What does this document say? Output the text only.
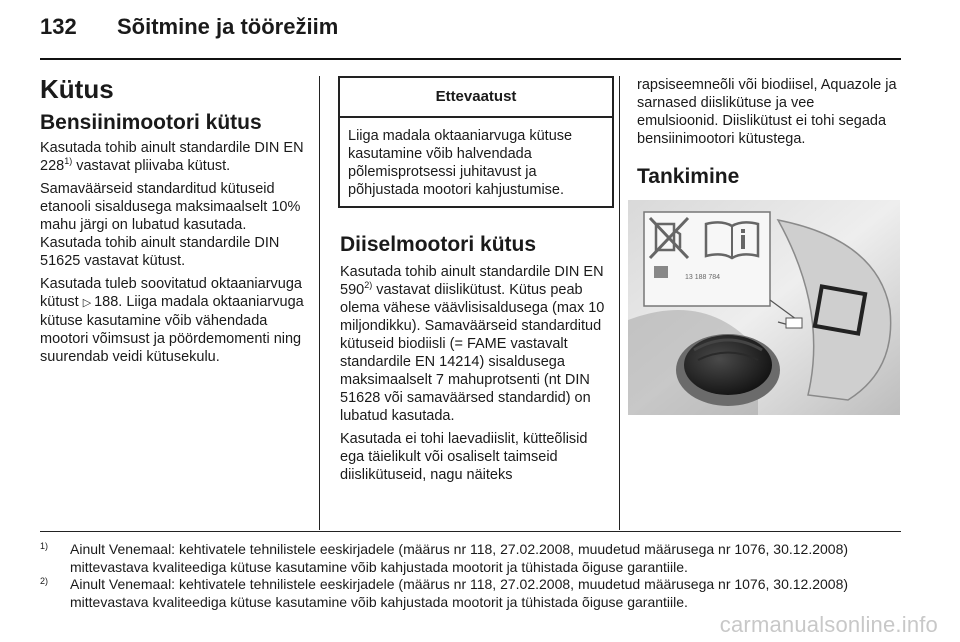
132 Sõitmine ja töörežiim
Kütus
Bensiinimootori kütus

Kasutada tohib ainult standardile DIN EN 228$^{1)}$ vastavat pliivaba kütust.

Samaväärseid standarditud kütuseid etanooli sisaldusega maksimaalselt 10% mahu järgi on lubatud kasutada. Kasutada tohib ainult standardile DIN 51625 vastavat kütust.

Kasutada tuleb soovitatud oktaaniarvuga kütust ▷  188. Liiga madala oktaaniarvuga kütuse kasutamine võib vähendada mootori võimsust ja pöördemomenti ning suurendab veidi kütusekulu.

Ettevaatust
Liiga madala oktaaniarvuga kütuse kasutamine võib halvendada põlemisprotsessi juhitavust ja põhjustada mootori kahjustumise.
Diiselmootori kütus

Kasutada tohib ainult standardile DIN EN 590$^{2)}$ vastavat diislikütust. Kütus peab olema vähese väävlisisaldusega (max 10 miljondikku). Samaväärseid standarditud kütuseid biodiisli (= FAME vastavalt standardile EN 14214) sisaldusega maksimaalselt 7 mahuprotsenti (nt DIN 51628 või samaväärsed standardid) on lubatud kasutada.

Kasutada ei tohi laevadiislit, kütteõlisid ega täielikult või osaliselt taimseid diislikütuseid, nagu näiteks

rapsiseemneõli või biodiisel, Aquazole ja sarnased diislikütuse ja vee emulsioonid. Diislikütust ei tohi segada bensiinimootori kütustega.

Tankimine
13 188 784
1) Ainult Venemaal: kehtivatele tehnilistele eeskirjadele (määrus nr 118, 27.02.2008, muudetud määrusega nr 1076, 30.12.2008) mittevastava kvaliteediga kütuse kasutamine võib kahjustada mootorit ja tühistada õiguse garantiile.
2) Ainult Venemaal: kehtivatele tehnilistele eeskirjadele (määrus nr 118, 27.02.2008, muudetud määrusega nr 1076, 30.12.2008) mittevastava kvaliteediga kütuse kasutamine võib kahjustada mootorit ja tühistada õiguse garantiile.
carmanualsonline.info
